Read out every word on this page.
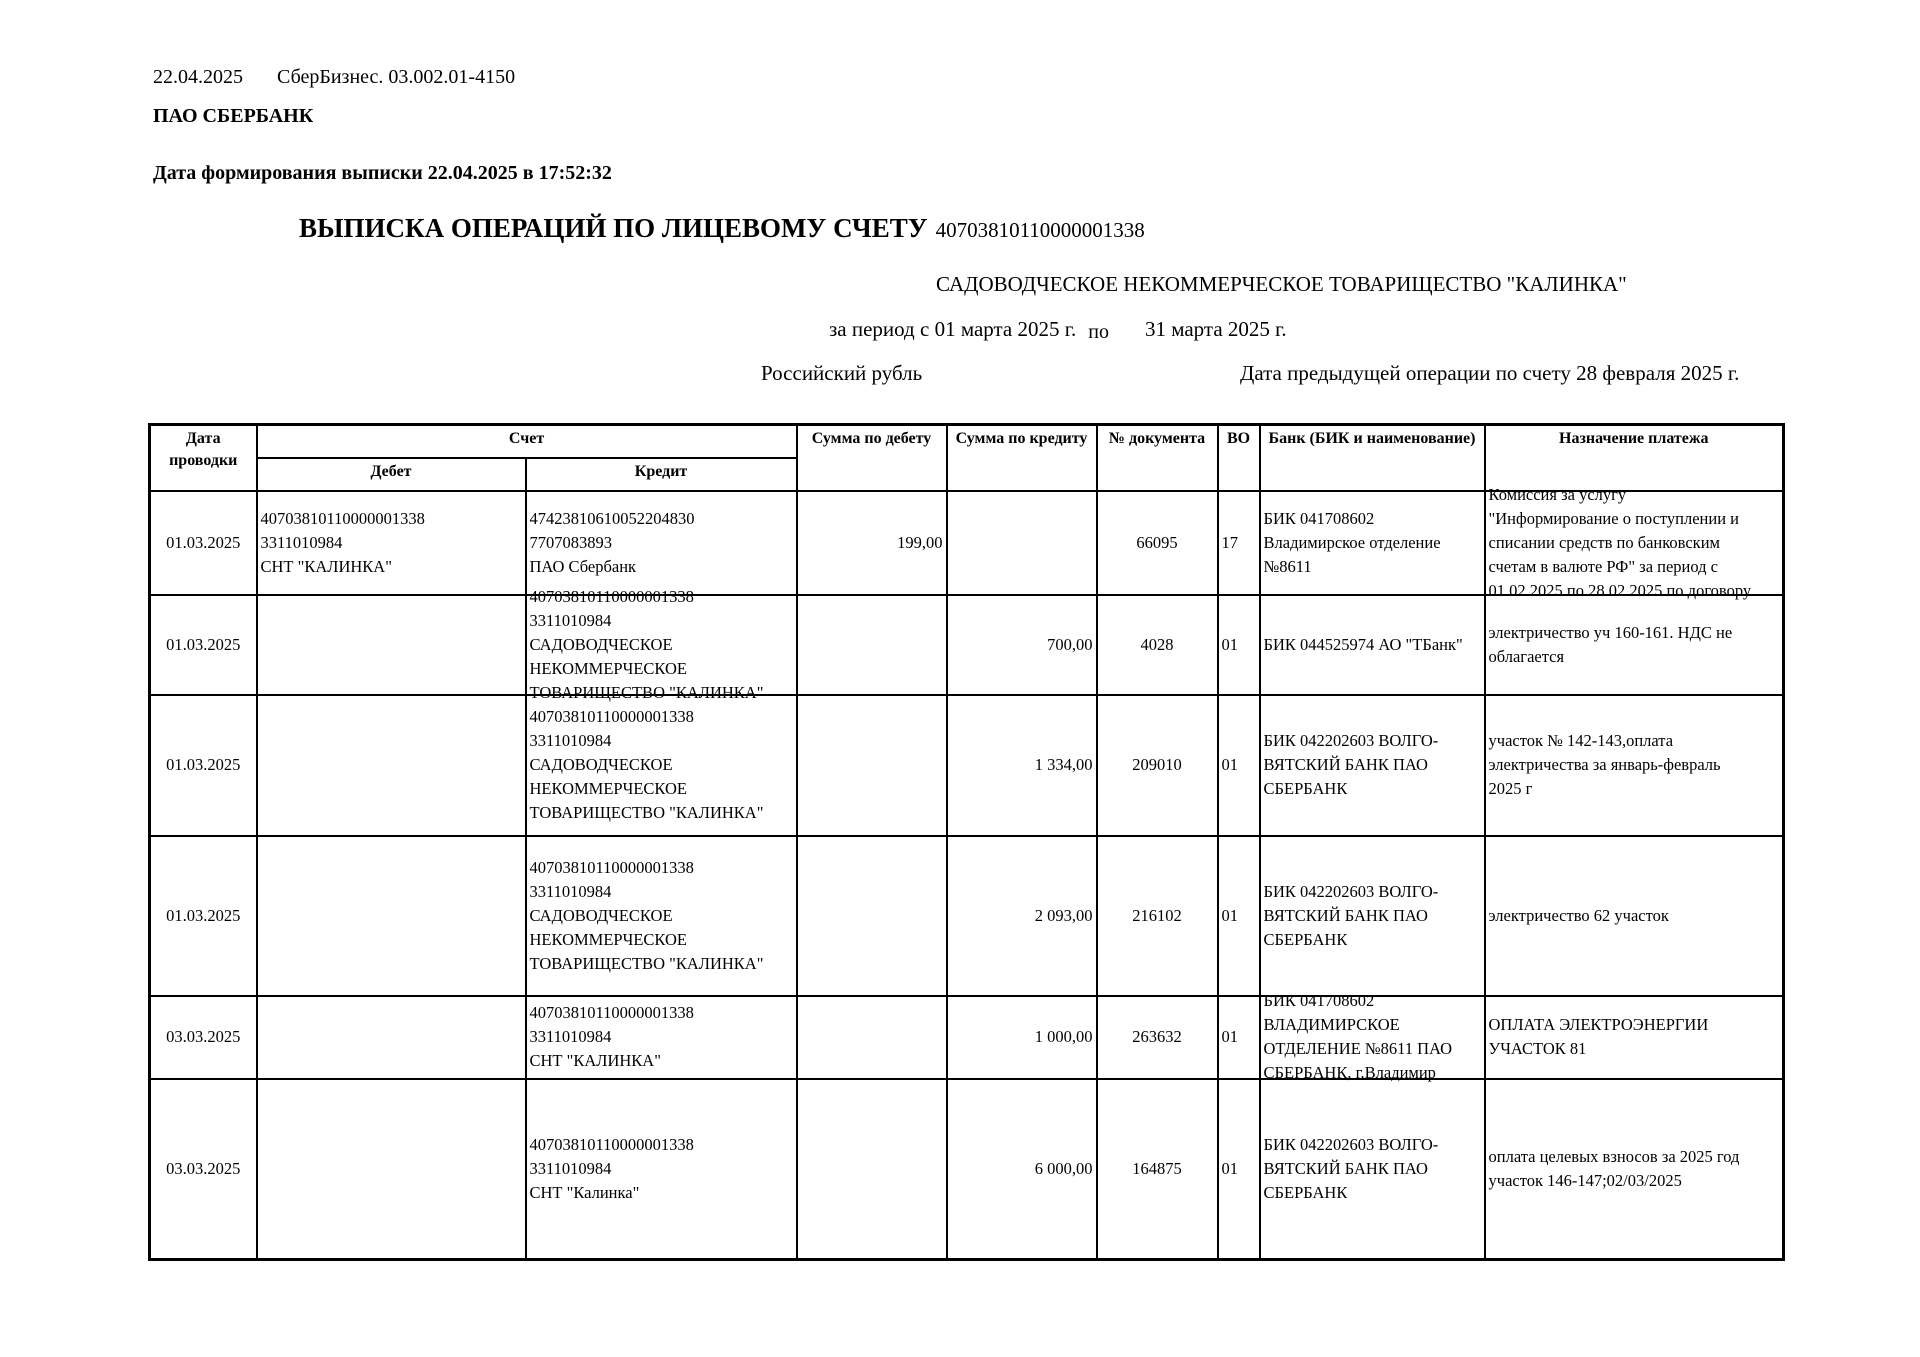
22.04.2025 СберБизнес. 03.002.01-4150
ПАО СБЕРБАНК
Дата формирования выписки 22.04.2025 в 17:52:32
ВЫПИСКА ОПЕРАЦИЙ ПО ЛИЦЕВОМУ СЧЕТУ 40703810110000001338
САДОВОДЧЕСКОЕ НЕКОММЕРЧЕСКОЕ ТОВАРИЩЕСТВО "КАЛИНКА"
за период с 01 марта 2025 г. по 31 марта 2025 г.
Российский рубль	Дата предыдущей операции по счету 28 февраля 2025 г.
Дата проводки	Счет		Сумма по дебету	Сумма по кредиту	№ документа	ВО	Банк (БИК и наименование)	Назначение платежа
	Дебет	Кредит						
01.03.2025	40703810110000001338
3311010984
СНТ "КАЛИНКА"	47423810610052204830
7707083893
ПАО Сбербанк	199,00		66095	17	БИК 041708602
Владимирское отделение
№8611	Комиссия за услугу
"Информирование о поступлении и
списании средств по банковским
счетам в валюте РФ" за период с
01.02.2025 по 28.02.2025 по договору

01.03.2025		40703810110000001338
3311010984
САДОВОДЧЕСКОЕ
НЕКОММЕРЧЕСКОЕ
ТОВАРИЩЕСТВО "КАЛИНКА"		700,00	4028	01	БИК 044525974 АО "ТБанк"	электричество уч 160-161. НДС не
облагается

01.03.2025		40703810110000001338
3311010984
САДОВОДЧЕСКОЕ
НЕКОММЕРЧЕСКОЕ
ТОВАРИЩЕСТВО "КАЛИНКА"		1 334,00	209010	01	БИК 042202603 ВОЛГО-
ВЯТСКИЙ БАНК ПАО
СБЕРБАНК	участок № 142-143,оплата
электричества за январь-февраль
2025 г

01.03.2025		40703810110000001338
3311010984
САДОВОДЧЕСКОЕ
НЕКОММЕРЧЕСКОЕ
ТОВАРИЩЕСТВО "КАЛИНКА"		2 093,00	216102	01	БИК 042202603 ВОЛГО-
ВЯТСКИЙ БАНК ПАО
СБЕРБАНК	электричество 62 участок

03.03.2025		40703810110000001338
3311010984
СНТ "КАЛИНКА"		1 000,00	263632	01	БИК 041708602
ВЛАДИМИРСКОЕ
ОТДЕЛЕНИЕ №8611 ПАО
СБЕРБАНК, г.Владимир	ОПЛАТА ЭЛЕКТРОЭНЕРГИИ
УЧАСТОК 81

03.03.2025		40703810110000001338
3311010984
СНТ "Калинка"		6 000,00	164875	01	БИК 042202603 ВОЛГО-
ВЯТСКИЙ БАНК ПАО
СБЕРБАНК	оплата целевых взносов за 2025 год
участок 146-147;02/03/2025
